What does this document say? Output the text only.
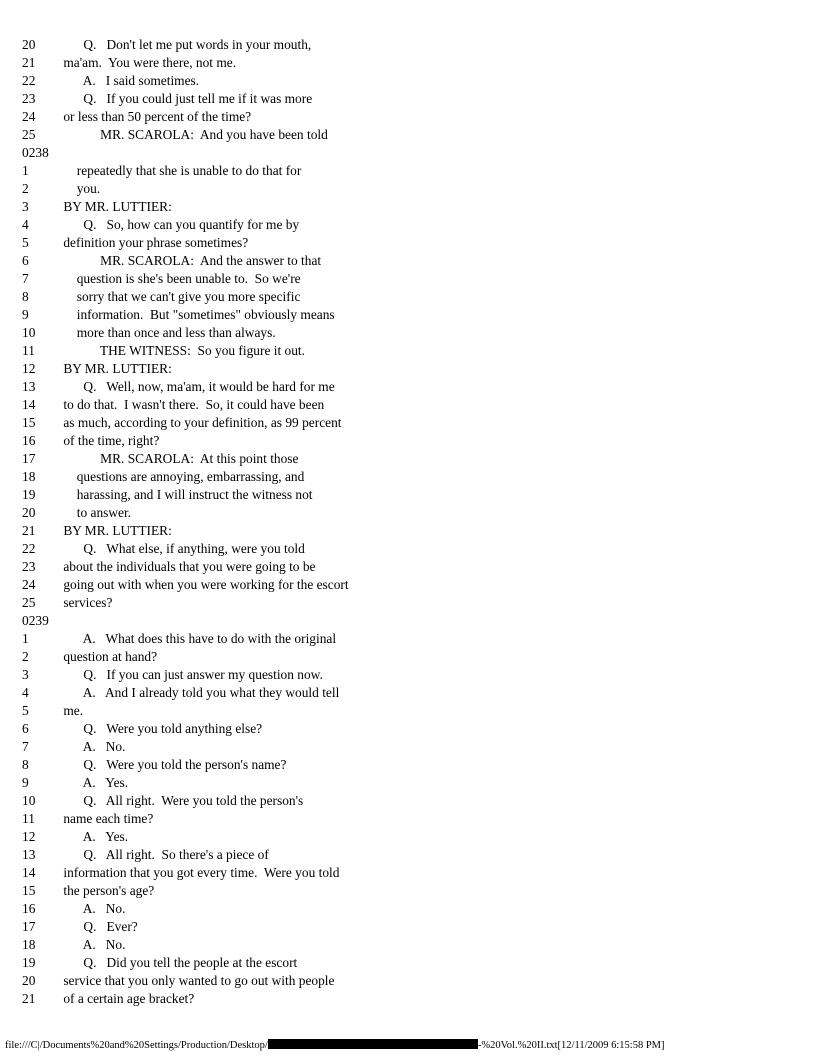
20	Q.   Don't let me put words in your mouth,
21	ma'am.  You were there, not me.
22	A.   I said sometimes.
23	Q.   If you could just tell me if it was more
24	or less than 50 percent of the time?
25	MR. SCAROLA:  And you have been told
0238
1	repeatedly that she is unable to do that for
2	you.
3	BY MR. LUTTIER:
4	Q.   So, how can you quantify for me by
5	definition your phrase sometimes?
6	MR. SCAROLA:  And the answer to that
7	question is she's been unable to.  So we're
8	sorry that we can't give you more specific
9	information.  But "sometimes" obviously means
10	more than once and less than always.
11	THE WITNESS:  So you figure it out.
12	BY MR. LUTTIER:
13	Q.   Well, now, ma'am, it would be hard for me
14	to do that.  I wasn't there.  So, it could have been
15	as much, according to your definition, as 99 percent
16	of the time, right?
17	MR. SCAROLA:  At this point those
18	questions are annoying, embarrassing, and
19	harassing, and I will instruct the witness not
20	to answer.
21	BY MR. LUTTIER:
22	Q.   What else, if anything, were you told
23	about the individuals that you were going to be
24	going out with when you were working for the escort
25	services?
0239
1	A.   What does this have to do with the original
2	question at hand?
3	Q.   If you can just answer my question now.
4	A.   And I already told you what they would tell
5	me.
6	Q.   Were you told anything else?
7	A.   No.
8	Q.   Were you told the person's name?
9	A.   Yes.
10	Q.   All right.  Were you told the person's
11	name each time?
12	A.   Yes.
13	Q.   All right.  So there's a piece of
14	information that you got every time.  Were you told
15	the person's age?
16	A.   No.
17	Q.   Ever?
18	A.   No.
19	Q.   Did you tell the people at the escort
20	service that you only wanted to go out with people
21	of a certain age bracket?
file:///C|/Documents%20and%20Settings/Production/Desktop/	-%20Vol.%20II.txt[12/11/2009 6:15:58 PM]
